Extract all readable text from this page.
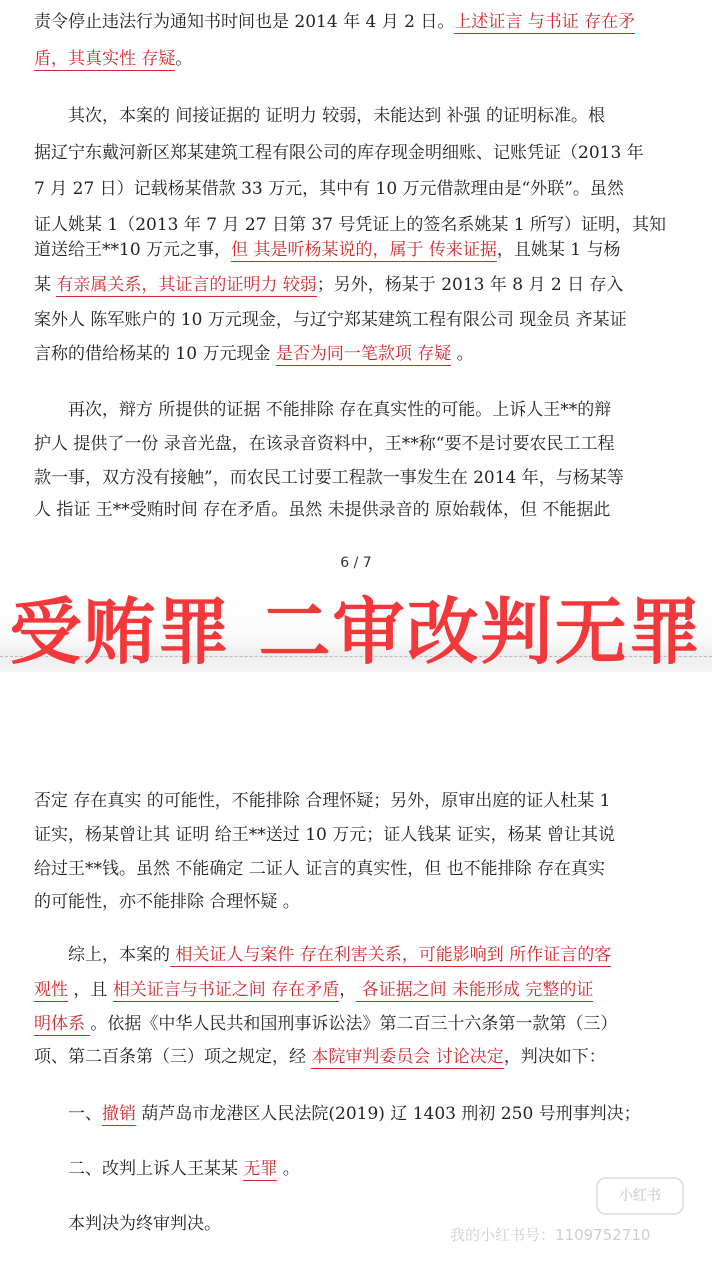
责令停止违法行为通知书时间也是 2014 年 4 月 2 日。上述证言 与书证 存在矛
盾，其真实性 存疑。
其次，本案的 间接证据的 证明力 较弱，未能达到 补强 的证明标准。根
据辽宁东戴河新区郑某建筑工程有限公司的库存现金明细账、记账凭证（2013 年
7 月 27 日）记载杨某借款 33 万元，其中有 10 万元借款理由是“外联”。虽然
证人姚某 1（2013 年 7 月 27 日第 37 号凭证上的签名系姚某 1 所写）证明，其知
道送给王**10 万元之事，但 其是听杨某说的，属于 传来证据，且姚某 1 与杨
某 有亲属关系，其证言的证明力 较弱；另外，杨某于 2013 年 8 月 2 日 存入
案外人 陈军账户的 10 万元现金，与辽宁郑某建筑工程有限公司 现金员 齐某证
言称的借给杨某的 10 万元现金 是否为同一笔款项 存疑 。
再次，辩方 所提供的证据 不能排除 存在真实性的可能。上诉人王**的辩
护人 提供了一份 录音光盘，在该录音资料中，王**称“要不是讨要农民工工程
款一事，双方没有接触”，而农民工讨要工程款一事发生在 2014 年，与杨某等
人 指证 王**受贿时间 存在矛盾。虽然 未提供录音的 原始载体，但 不能据此
6 / 7
受贿罪 二审改判无罪
否定 存在真实 的可能性，不能排除 合理怀疑；另外，原审出庭的证人杜某 1
证实，杨某曾让其 证明 给王**送过 10 万元；证人钱某 证实，杨某 曾让其说
给过王**钱。虽然 不能确定 二证人 证言的真实性，但 也不能排除 存在真实
的可能性，亦不能排除 合理怀疑 。
综上，本案的 相关证人与案件 存在利害关系，可能影响到 所作证言的客
观性 ，且 相关证言与书证之间 存在矛盾， 各证据之间 未能形成 完整的证
明体系 。依据《中华人民共和国刑事诉讼法》第二百三十六条第一款第（三）
项、第二百条第（三）项之规定，经 本院审判委员会 讨论决定，判决如下：
一、撤销 葫芦岛市龙港区人民法院(2019) 辽 1403 刑初 250 号刑事判决；
二、改判上诉人王某某 无罪 。
本判决为终审判决。
小红书
我的小红书号：1109752710
